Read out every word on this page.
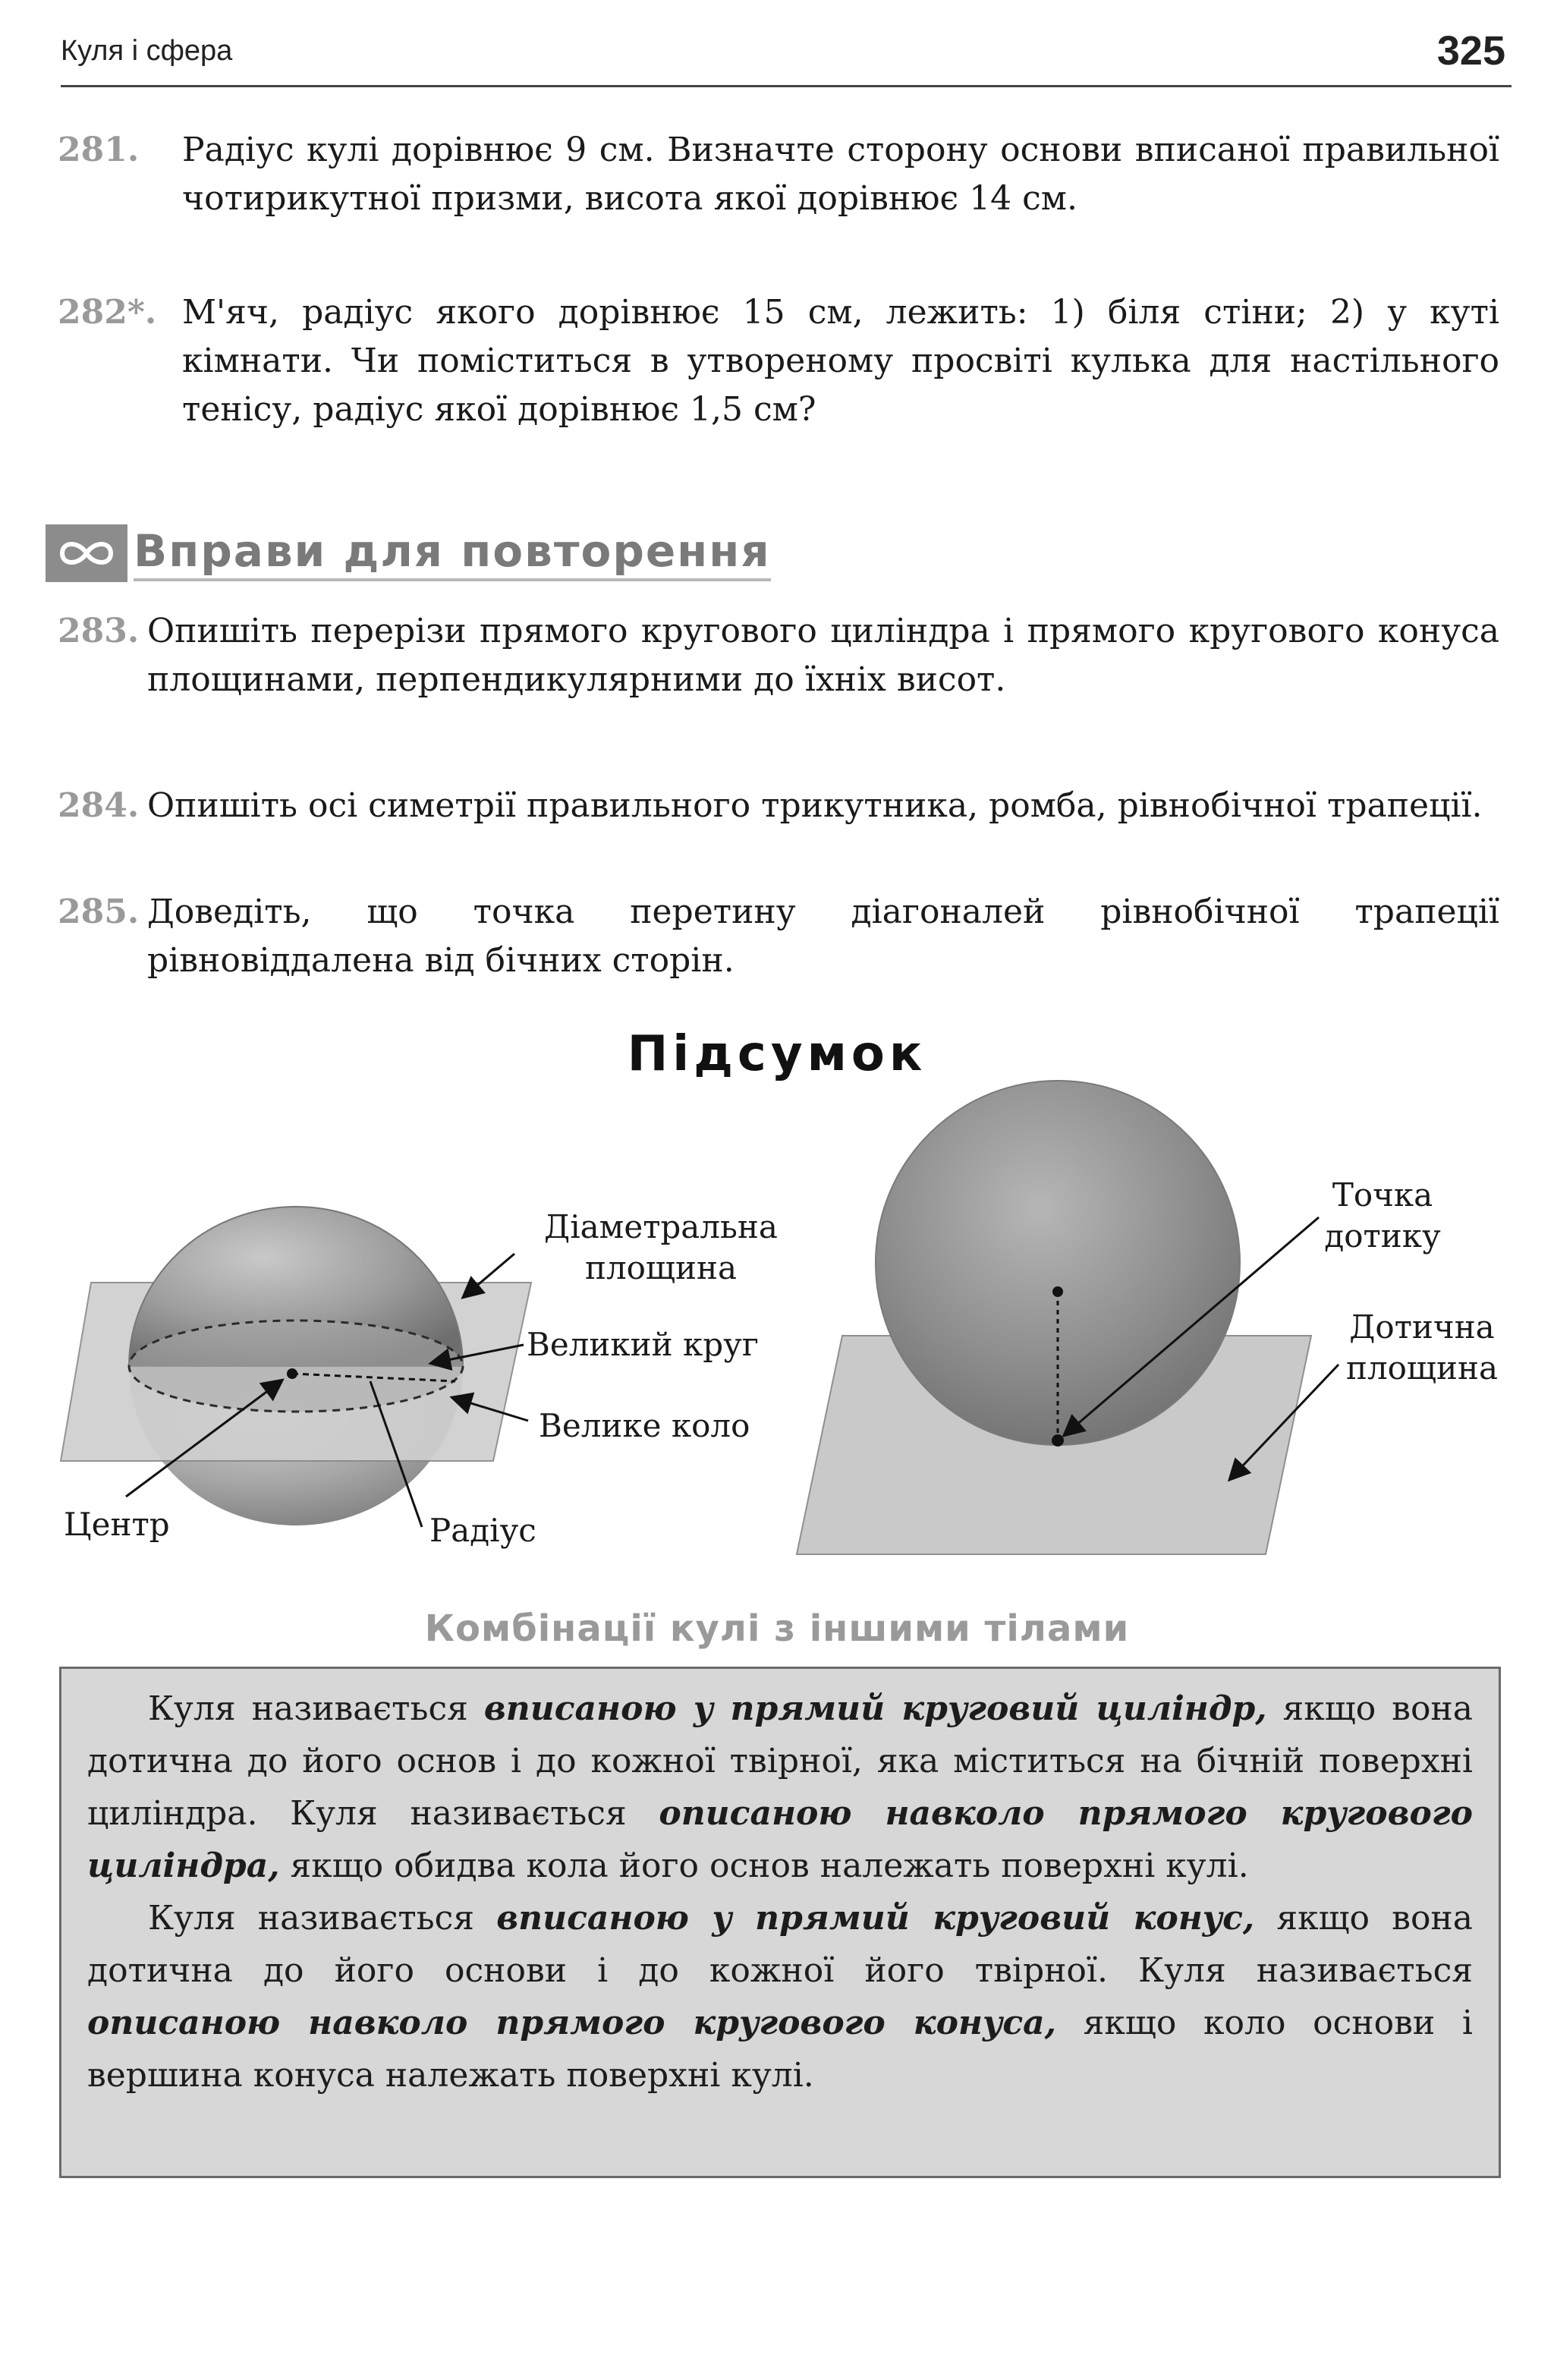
Куля і сфера	325
281.	Радіус кулі дорівнює 9 см. Визначте сторону основи вписаної правильної чотирикутної призми, висота якої дорівнює 14 см.
282*. М'яч, радіус якого дорівнює 15 см, лежить: 1) біля стіни; 2) у куті кімнати. Чи поміститься в утвореному просвіті кулька для настільного тенісу, радіус якої дорівнює 1,5 см?
Вправи для повторення
283. Опишіть перерізи прямого кругового циліндра і прямого кругового конуса площинами, перпендикулярними до їхніх висот.
284. Опишіть осі симетрії правильного трикутника, ромба, рівнобічної трапеції.
285. Доведіть, що точка перетину діагоналей рівнобічної трапеції рівновіддалена від бічних сторін.
Підсумок
Діаметральна
площина
Великий круг
Велике коло
Центр	Радіус
Точка
дотику
Дотична
площина
Комбінації кулі з іншими тілами

Куля називається вписаною у прямий круговий циліндр, якщо вона дотична до його основ і до кожної твірної, яка міститься на бічній поверхні циліндра. Куля називається описаною навколо прямого кругового циліндра, якщо обидва кола його основ належать поверхні кулі.

Куля називається вписаною у прямий круговий конус, якщо вона дотична до його основи і до кожної його твірної. Куля називається описаною навколо прямого кругового конуса, якщо коло основи і вершина конуса належать поверхні кулі.
